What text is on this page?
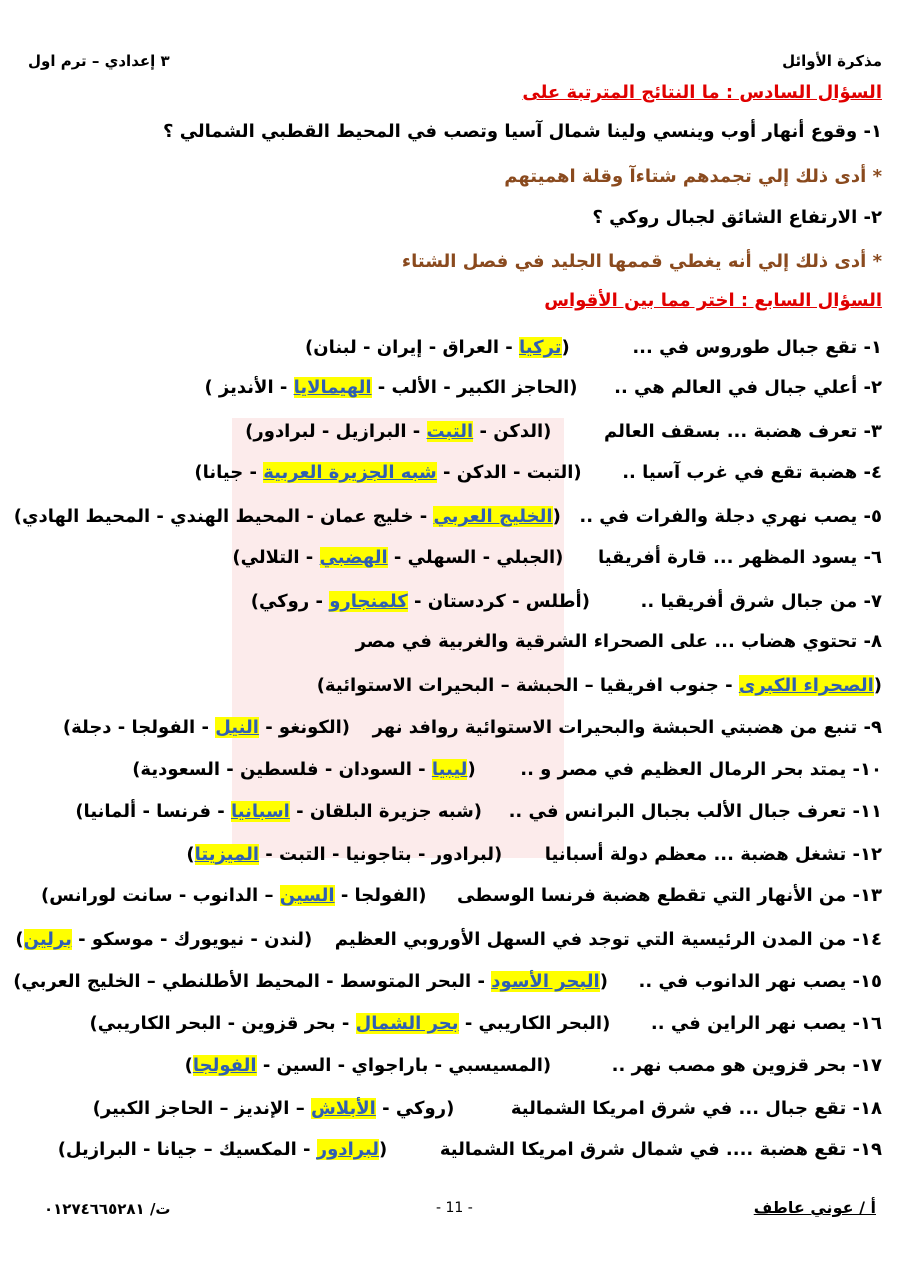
مذكرة الأوائل
٣ إعدادي – ترم اول
السؤال السادس : ما النتائج المترتبة على
١- وقوع أنهار أوب وينسي ولينا شمال آسيا وتصب في المحيط القطبي الشمالي ؟
* أدى ذلك إلي تجمدهم شتاءآ وقلة اهميتهم
٢- الارتفاع الشائق لجبال روكي ؟
* أدى ذلك إلي أنه يغطي قممها الجليد في فصل الشتاء
السؤال السابع : اختر مما بين الأقواس
١- تقع جبال طوروس في ...  (تركيا - العراق - إيران - لبنان)
٢- أعلي جبال في العالم هي ..  (الحاجز الكبير - الألب - الهيمالايا - الأنديز )
٣- تعرف هضبة ... بسقف العالم  (الدكن - التبت - البرازيل - لبرادور)
٤- هضبة تقع في غرب آسيا ..  (التبت - الدكن - شبه الجزيرة العربية - جيانا)
٥- يصب نهري دجلة والفرات في ..  (الخليج العربي - خليج عمان - المحيط الهندي - المحيط الهادي)
٦- يسود المظهر ... قارة أفريقيا  (الجبلي - السهلي - الهضبي - التلالي)
٧- من جبال شرق أفريقيا ..  (أطلس - كردستان - كلمنجارو - روكي)
٨- تحتوي هضاب ... على الصحراء الشرقية والغربية في مصر
(الصحراء الكبرى - جنوب افريقيا – الحبشة – البحيرات الاستوائية)
٩- تنبع من هضبتي الحبشة والبحيرات الاستوائية روافد نهر  (الكونغو - النيل - الفولجا - دجلة)
١٠- يمتد بحر الرمال العظيم في مصر و ..  (ليبيا - السودان - فلسطين - السعودية)
١١- تعرف جبال الألب بجبال البرانس في ..  (شبه جزيرة البلقان - اسبانيا - فرنسا - ألمانيا)
١٢- تشغل هضبة ... معظم دولة أسبانيا  (لبرادور - بتاجونيا - التبت - الميزيتا)
١٣- من الأنهار التي تقطع هضبة فرنسا الوسطى  (الفولجا - السين – الدانوب - سانت لورانس)
١٤- من المدن الرئيسية التي توجد في السهل الأوروبي العظيم  (لندن - نيويورك - موسكو - برلين)
١٥- يصب نهر الدانوب في ..  (البحر الأسود - البحر المتوسط - المحيط الأطلنطي – الخليج العربي)
١٦- يصب نهر الراين في ..  (البحر الكاريبي - بحر الشمال - بحر قزوين - البحر الكاريبي)
١٧- بحر قزوين هو مصب نهر ..  (المسيسبي - باراجواي - السين - الفولجا)
١٨- تقع جبال ... في شرق امريكا الشمالية  (روكي - الأبلاش – الإنديز – الحاجز الكبير)
١٩- تقع هضبة .... في شمال شرق امريكا الشمالية  (لبرادور - المكسيك – جيانا - البرازيل)
أ / عوني عاطف
- 11 -
ت/ ٠١٢٧٤٦٦٥٢٨١
